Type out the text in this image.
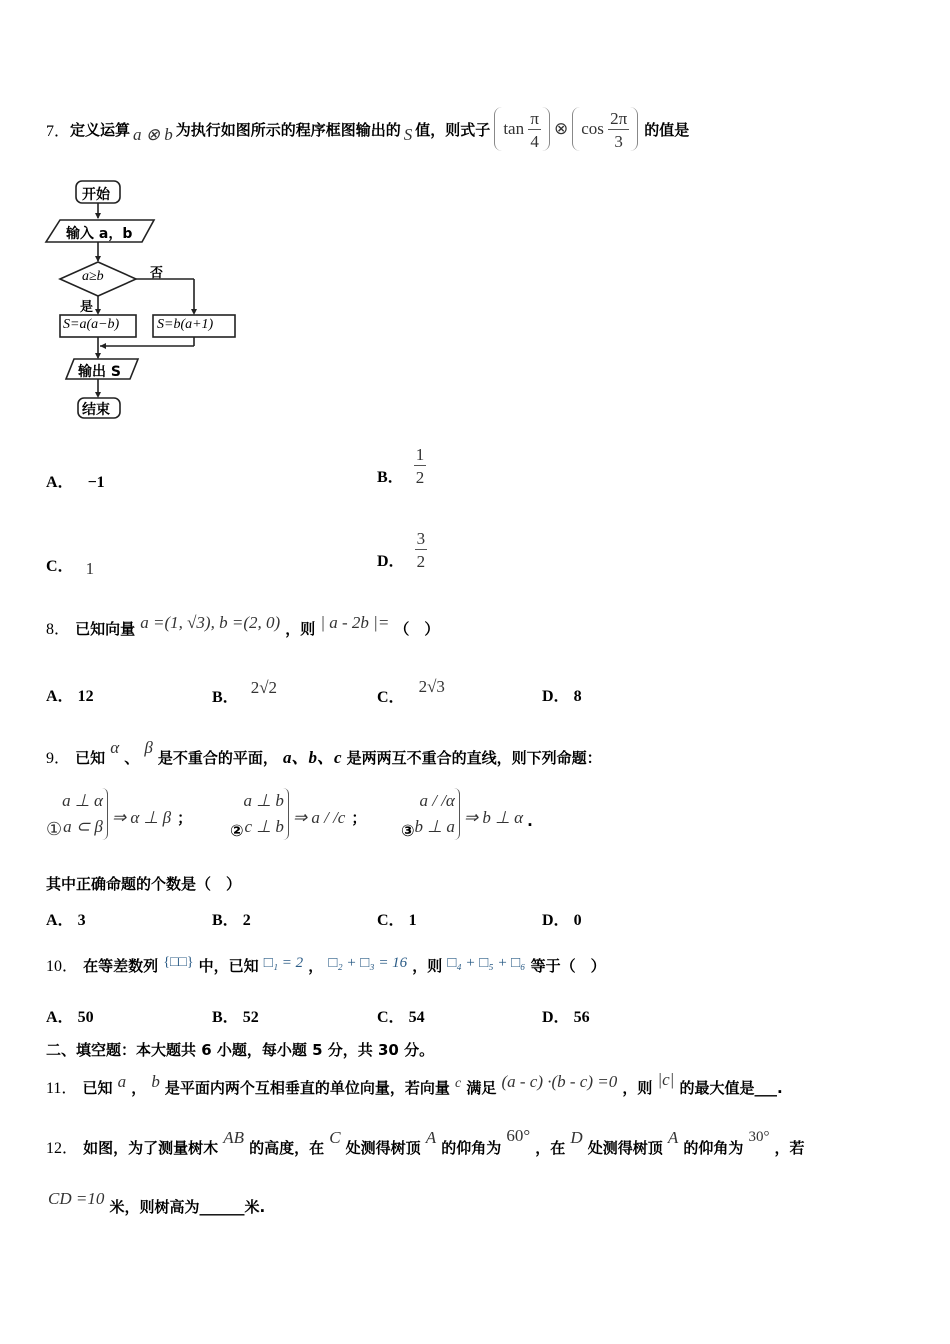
7． 定义运算 a ⊗ b 为执行如图所示的程序框图输出的 S 值，则式子 $\tan \frac{\pi}{4}$ ⊗ $\cos \frac{2\pi}{3}$ 的值是
开始
输入 a，b
a≥b	否
是
S=a(a−b)	S=b(a+1)
输出 S
结束
A． −1	B． $\frac{1}{2}$
C． 1	D． $\frac{3}{2}$
8． 已知向量 a =(1, √3), b =(2, 0) ，则 | a - 2b |= （　）
A． 12	B．2√2
C．2√3
D． 8
9． 已知 α 、 β 是不重合的平面， a、b、c 是两两互不重合的直线，则下列命题：
①
a ⊥ α
a ⊂ β ⇒ α ⊥ β ；
②
a ⊥ b
c ⊥ b ⇒ a / /c ；
③
a / /α
b ⊥ a ⇒ b ⊥ α .
其中正确命题的个数是（　）
A． 3	B． 2	C． 1	D． 0
10． 在等差数列 {□□} 中，已知 □₁ = 2 ， □₂ + □₃ = 16 ，则 □₄ + □₅ + □₆ 等于（　）
A． 50	B． 52	C． 54	D． 56
二、填空题：本大题共 6 小题，每小题 5 分，共 30 分。
11． 已知 a ， b 是平面内两个互相垂直的单位向量，若向量 c 满足 (a - c) ·(b - c) =0 ，则 |c| 的最大值是___.
12． 如图，为了测量树木 AB 的高度，在 C 处测得树顶 A 的仰角为 60° ，在 D 处测得树顶 A 的仰角为 30° ，若
CD =10 米，则树高为______米.
